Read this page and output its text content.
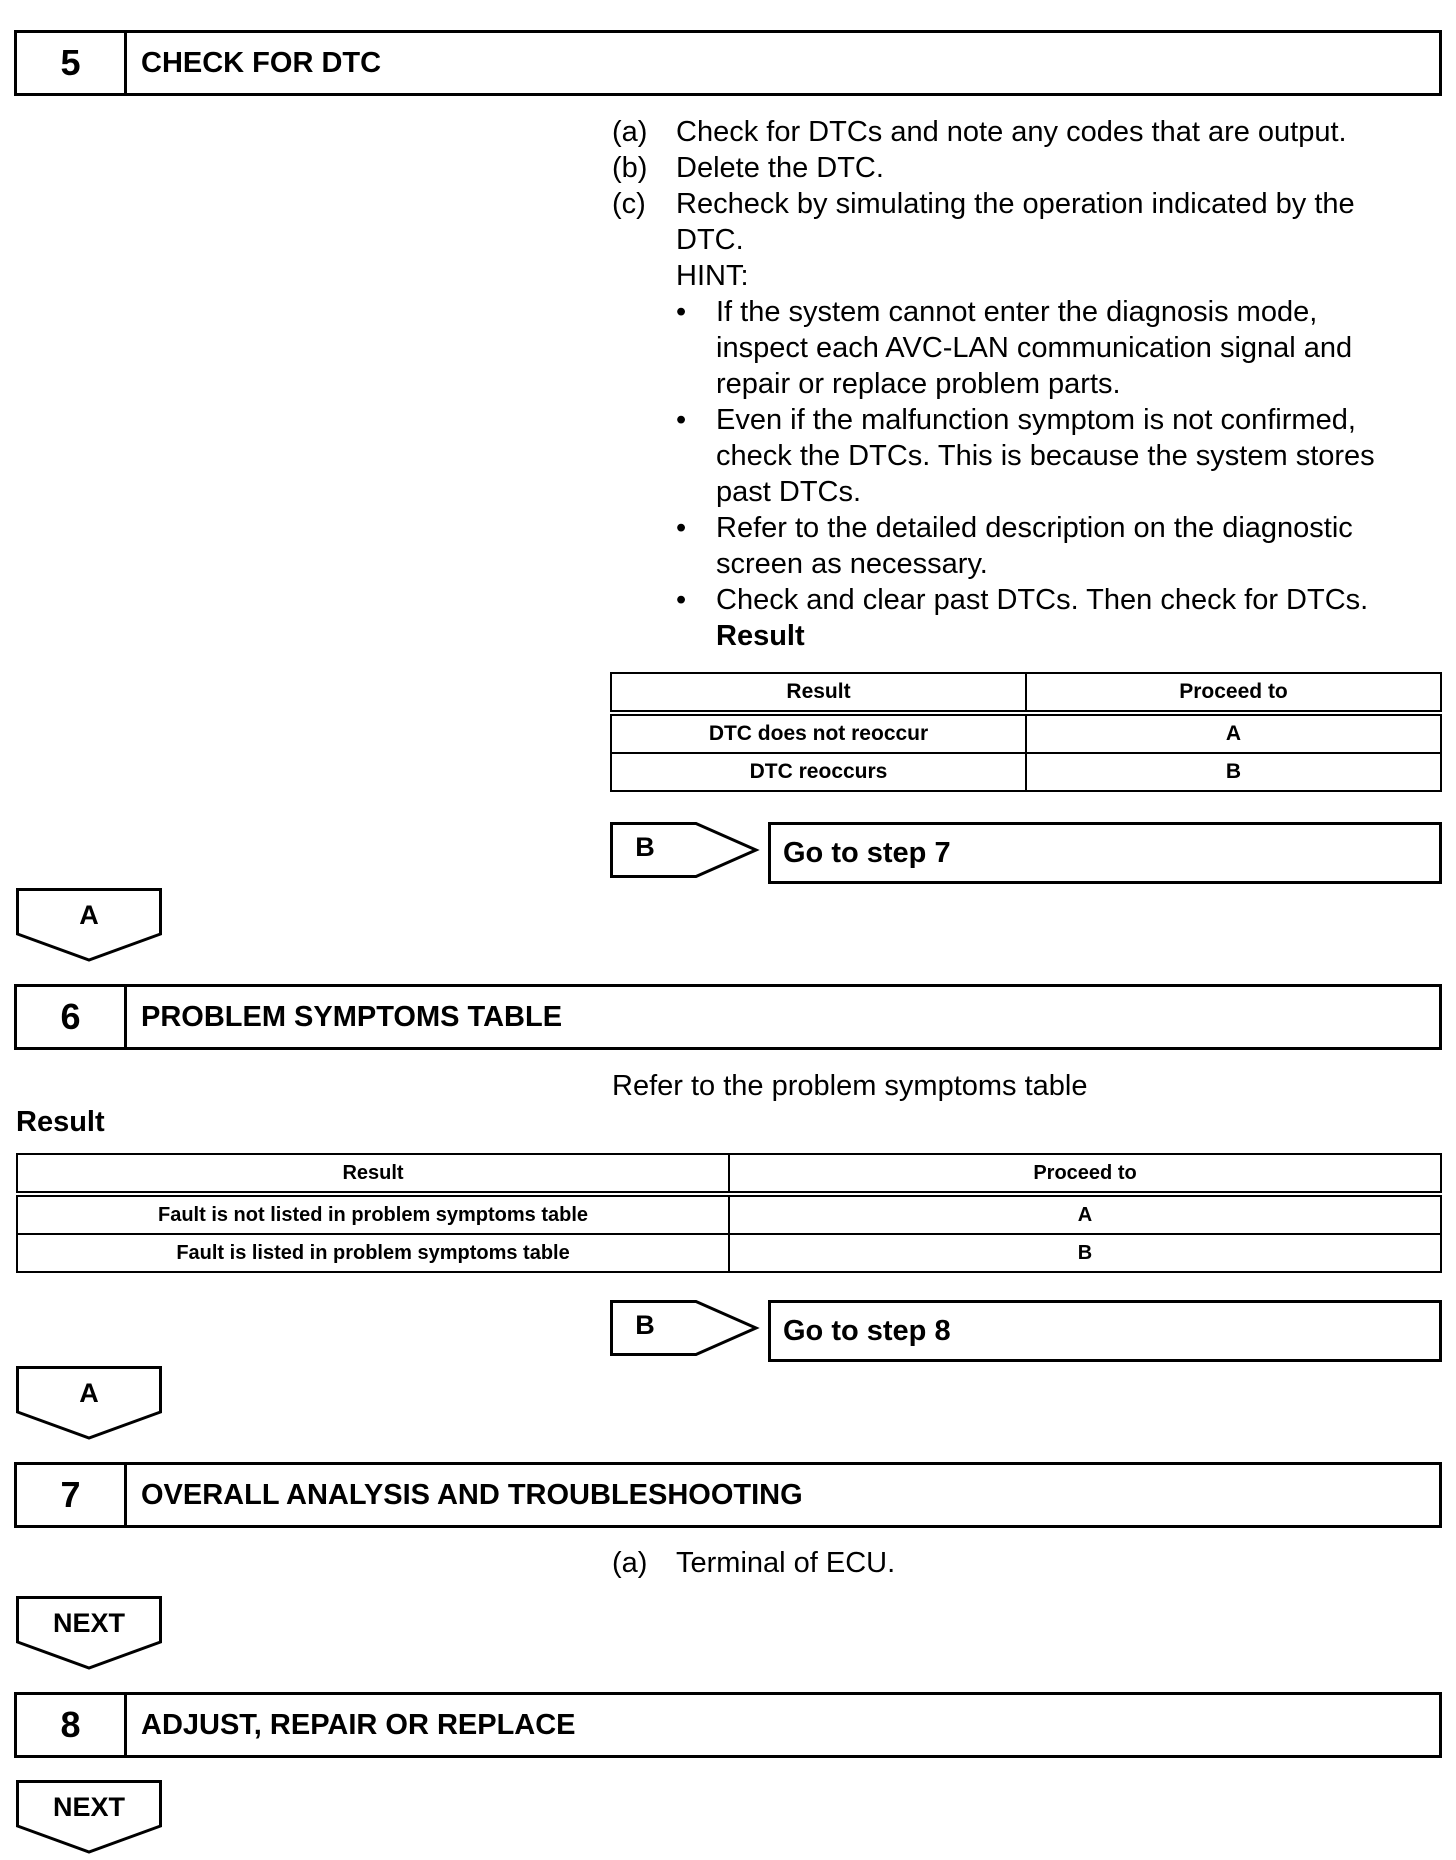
5	CHECK FOR DTC
(a) Check for DTCs and note any codes that are output.
(b) Delete the DTC.
(c) Recheck by simulating the operation indicated by the
DTC.
HINT:
• If the system cannot enter the diagnosis mode,
inspect each AVC-LAN communication signal and
repair or replace problem parts.
• Even if the malfunction symptom is not confirmed,
check the DTCs. This is because the system stores
past DTCs.
• Refer to the detailed description on the diagnostic
screen as necessary.
• Check and clear past DTCs. Then check for DTCs.
Result
Result	Proceed to
DTC does not reoccur	A
DTC reoccurs	B
B	Go to step 7
A
6	PROBLEM SYMPTOMS TABLE
Refer to the problem symptoms table
Result
Result	Proceed to
Fault is not listed in problem symptoms table	A
Fault is listed in problem symptoms table	B
B	Go to step 8
A
7	OVERALL ANALYSIS AND TROUBLESHOOTING
(a) Terminal of ECU.
NEXT
8	ADJUST, REPAIR OR REPLACE
NEXT
